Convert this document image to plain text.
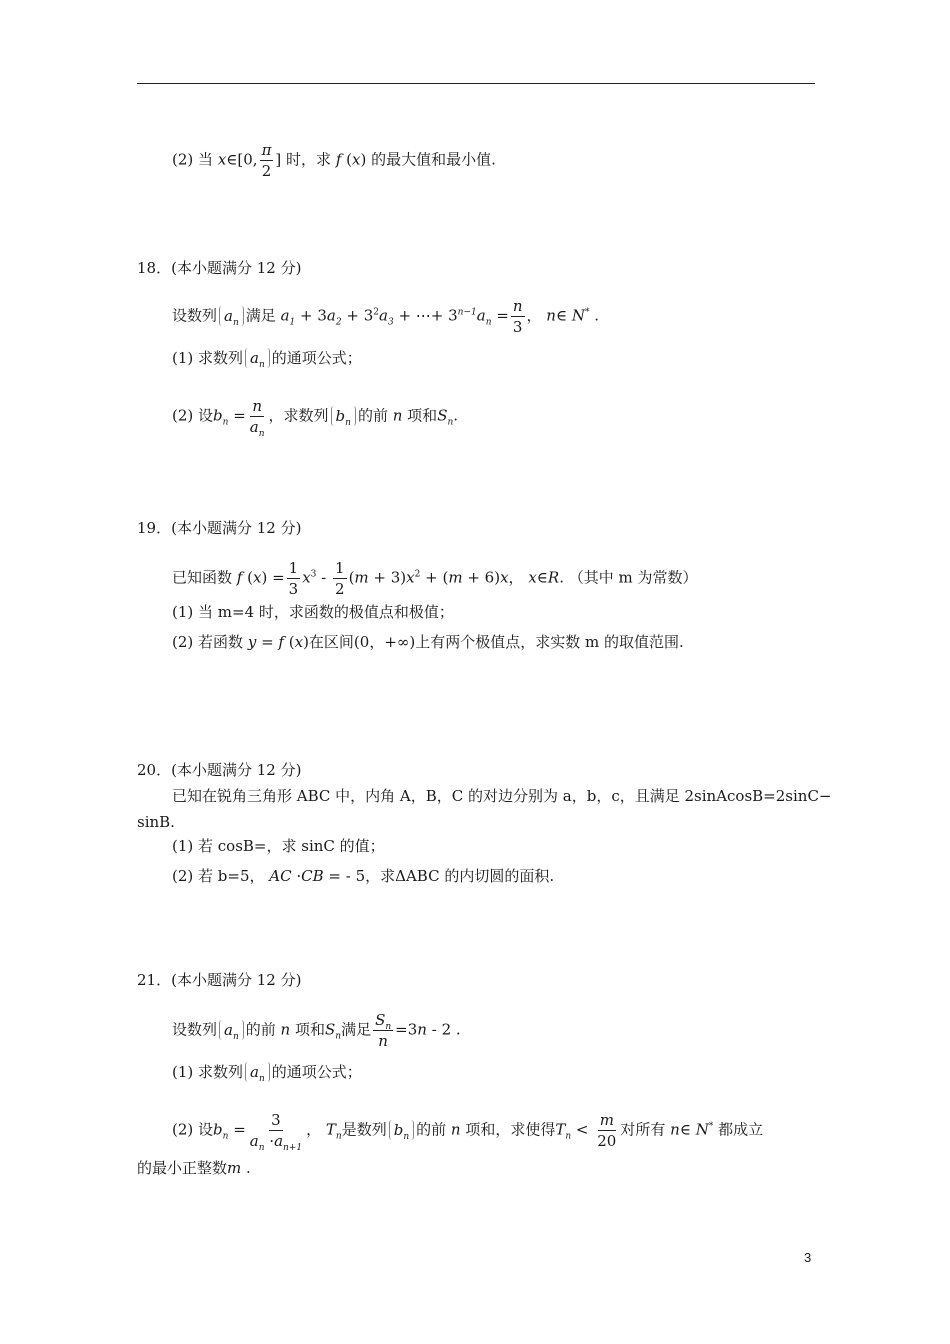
(2) 当 x∈[0, $\frac{\pi}{2}$ ] 时，求 f (x) 的最大值和最小值.
18．(本小题满分 12 分)
设数列 $a_n$ 满足 $a_1 + 3a_2 + 3^2a_3$ + ⋯+ $3^{n-1}a_n = \frac{n}{3}$ ， n∈ N* .
(1) 求数列 $a_n$ 的通项公式；
(2) 设$b_n = \frac{n}{a_n}$ ，求数列 $b_n$ 的前 n 项和$S_n$.
19．(本小题满分 12 分)
已知函数 f $(x) = \frac{1}{3} x^3 - \frac{1}{2} (m + 3)x^2 + (m + 6)x$， x∈R. （其中 m 为常数）
(1) 当 m=4 时，求函数的极值点和极值；
(2) 若函数 y = f (x)在区间(0，+∞)上有两个极值点，求实数 m 的取值范围.
20．(本小题满分 12 分)
已知在锐角三角形 ABC 中，内角 A，B，C 的对边分别为 a，b，c，且满足 2sinAcosB=2sinC−
sinB.
(1) 若 cosB=，求 sinC 的值；
(2) 若 b=5， AC ·CB = - 5，求ΔABC 的内切圆的面积.
21．(本小题满分 12 分)
设数列 $a_n$ 的前 n 项和$S_n$满足 $\frac{S_n}{n} =3n - 2$ .
(1) 求数列 $a_n$ 的通项公式；
(2) 设$b_n = \frac{3}{a_n \cdot a_{n+1}}$ ， $T_n$是数列 $b_n$ 的前 n 项和，求使得$T_n < \frac{m}{20}$ 对所有 n∈ N* 都成立
的最小正整数m .
3
